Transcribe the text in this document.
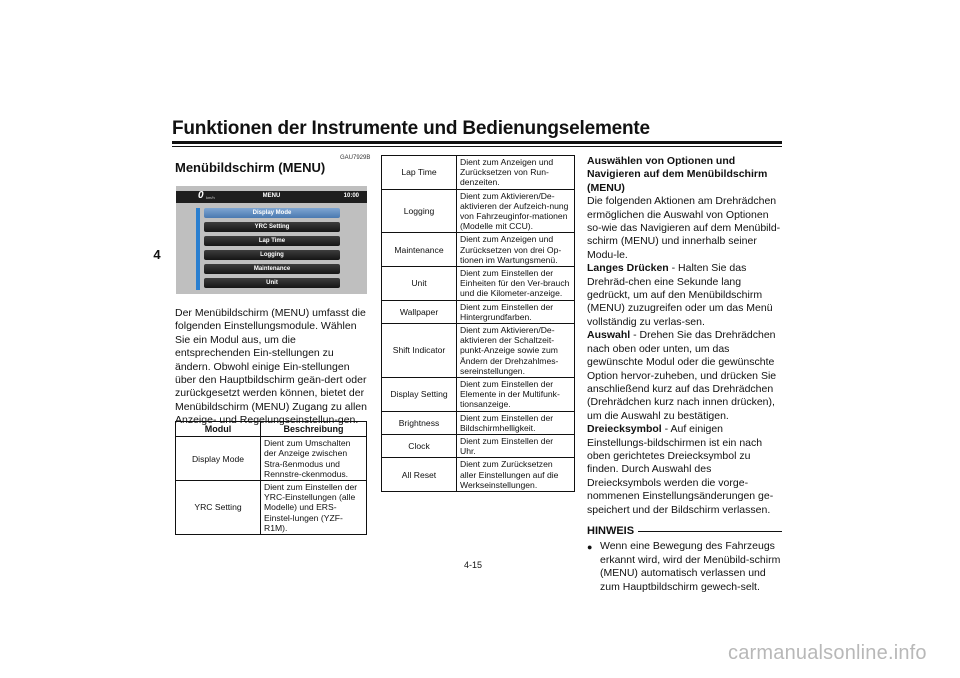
Funktionen der Instrumente und Bedienungselemente
4
GAU7929B
Menübildschirm (MENU)
0 km/h	MENU	10:00
Display Mode
YRC Setting
Lap Time
Logging
Maintenance
Unit

Der Menübildschirm (MENU) umfasst die folgenden Einstellungsmodule. Wählen Sie ein Modul aus, um die entsprechenden Ein-stellungen zu ändern. Obwohl einige Ein-stellungen über den Hauptbildschirm geän-dert oder zurückgesetzt werden können, bietet der Menübildschirm (MENU) Zugang zu allen Anzeige- und Regelungseinstellun-gen.

Modul	Beschreibung
Display Mode	Dient zum Umschalten der Anzeige zwischen Stra-ßenmodus und Rennstre-ckenmodus.
YRC Setting	Dient zum Einstellen der YRC-Einstellungen (alle Modelle) und ERS-Einstel-lungen (YZF-R1M).
Lap Time	Dient zum Anzeigen und Zurücksetzen von Run-denzeiten.
Logging	Dient zum Aktivieren/De-aktivieren der Aufzeich-nung von Fahrzeuginfor-mationen (Modelle mit CCU).
Maintenance	Dient zum Anzeigen und Zurücksetzen von drei Op-tionen im Wartungsmenü.
Unit	Dient zum Einstellen der Einheiten für den Ver-brauch und die Kilometer-anzeige.
Wallpaper	Dient zum Einstellen der Hintergrundfarben.
Shift Indicator	Dient zum Aktivieren/De-aktivieren der Schaltzeit-punkt-Anzeige sowie zum Ändern der Drehzahlmes-sereinstellungen.
Display Setting	Dient zum Einstellen der Elemente in der Multifunk-tionsanzeige.
Brightness	Dient zum Einstellen der Bildschirmhelligkeit.
Clock	Dient zum Einstellen der Uhr.
All Reset	Dient zum Zurücksetzen aller Einstellungen auf die Werkseinstellungen.

Auswählen von Optionen und Navigieren auf dem Menübildschirm (MENU)

Die folgenden Aktionen am Drehrädchen ermöglichen die Auswahl von Optionen so-wie das Navigieren auf dem Menübild-schirm (MENU) und innerhalb seiner Modu-le.

Langes Drücken - Halten Sie das Drehräd-chen eine Sekunde lang gedrückt, um auf den Menübildschirm (MENU) zuzugreifen oder um das Menü vollständig zu verlas-sen.

Auswahl - Drehen Sie das Drehrädchen nach oben oder unten, um das gewünschte Modul oder die gewünschte Option hervor-zuheben, und drücken Sie anschließend kurz auf das Drehrädchen (Drehrädchen kurz nach innen drücken), um die Auswahl zu bestätigen.

Dreiecksymbol - Auf einigen Einstellungs-bildschirmen ist ein nach oben gerichtetes Dreiecksymbol zu finden. Durch Auswahl des Dreiecksymbols werden die vorge-nommenen Einstellungsänderungen ge-speichert und der Bildschirm verlassen.

HINWEIS
● Wenn eine Bewegung des Fahrzeugs erkannt wird, wird der Menübild-schirm (MENU) automatisch verlassen und zum Hauptbildschirm gewech-selt.
4-15
carmanualsonline.info
